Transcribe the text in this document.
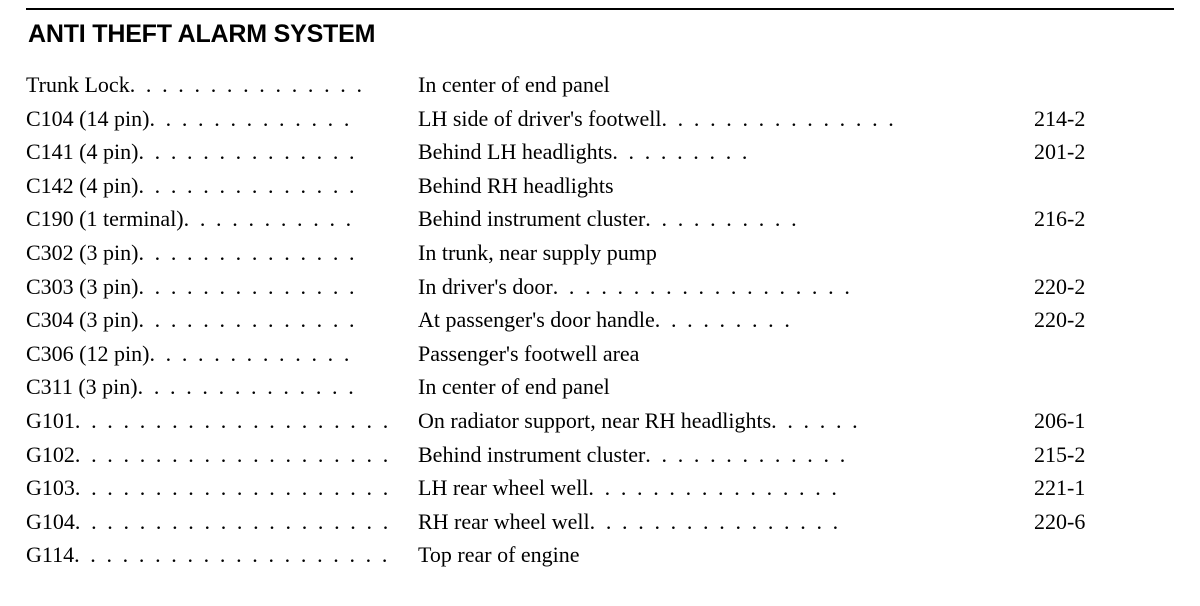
ANTI THEFT ALARM SYSTEM
Trunk Lock. . . . . . . . . . . . . . .	In center of end panel
C104 (14 pin). . . . . . . . . . . . .	LH side of driver's footwell. . . . . . . . . . . . . . .	214-2
C141 (4 pin). . . . . . . . . . . . . .	Behind LH headlights. . . . . . . . .	201-2
C142 (4 pin). . . . . . . . . . . . . .	Behind RH headlights
C190 (1 terminal). . . . . . . . . . .	Behind instrument cluster. . . . . . . . . .	216-2
C302 (3 pin). . . . . . . . . . . . . .	In trunk, near supply pump
C303 (3 pin). . . . . . . . . . . . . .	In driver's door. . . . . . . . . . . . . . . . . . .	220-2
C304 (3 pin). . . . . . . . . . . . . .	At passenger's door handle. . . . . . . . .	220-2
C306 (12 pin). . . . . . . . . . . . .	Passenger's footwell area
C311 (3 pin). . . . . . . . . . . . . .	In center of end panel
G101. . . . . . . . . . . . . . . . . . . .	On radiator support, near RH headlights. . . . . .	206-1
G102. . . . . . . . . . . . . . . . . . . .	Behind instrument cluster. . . . . . . . . . . . .	215-2
G103. . . . . . . . . . . . . . . . . . . .	LH rear wheel well. . . . . . . . . . . . . . . .	221-1
G104. . . . . . . . . . . . . . . . . . . .	RH rear wheel well. . . . . . . . . . . . . . . .	220-6
G114. . . . . . . . . . . . . . . . . . . .	Top rear of engine
